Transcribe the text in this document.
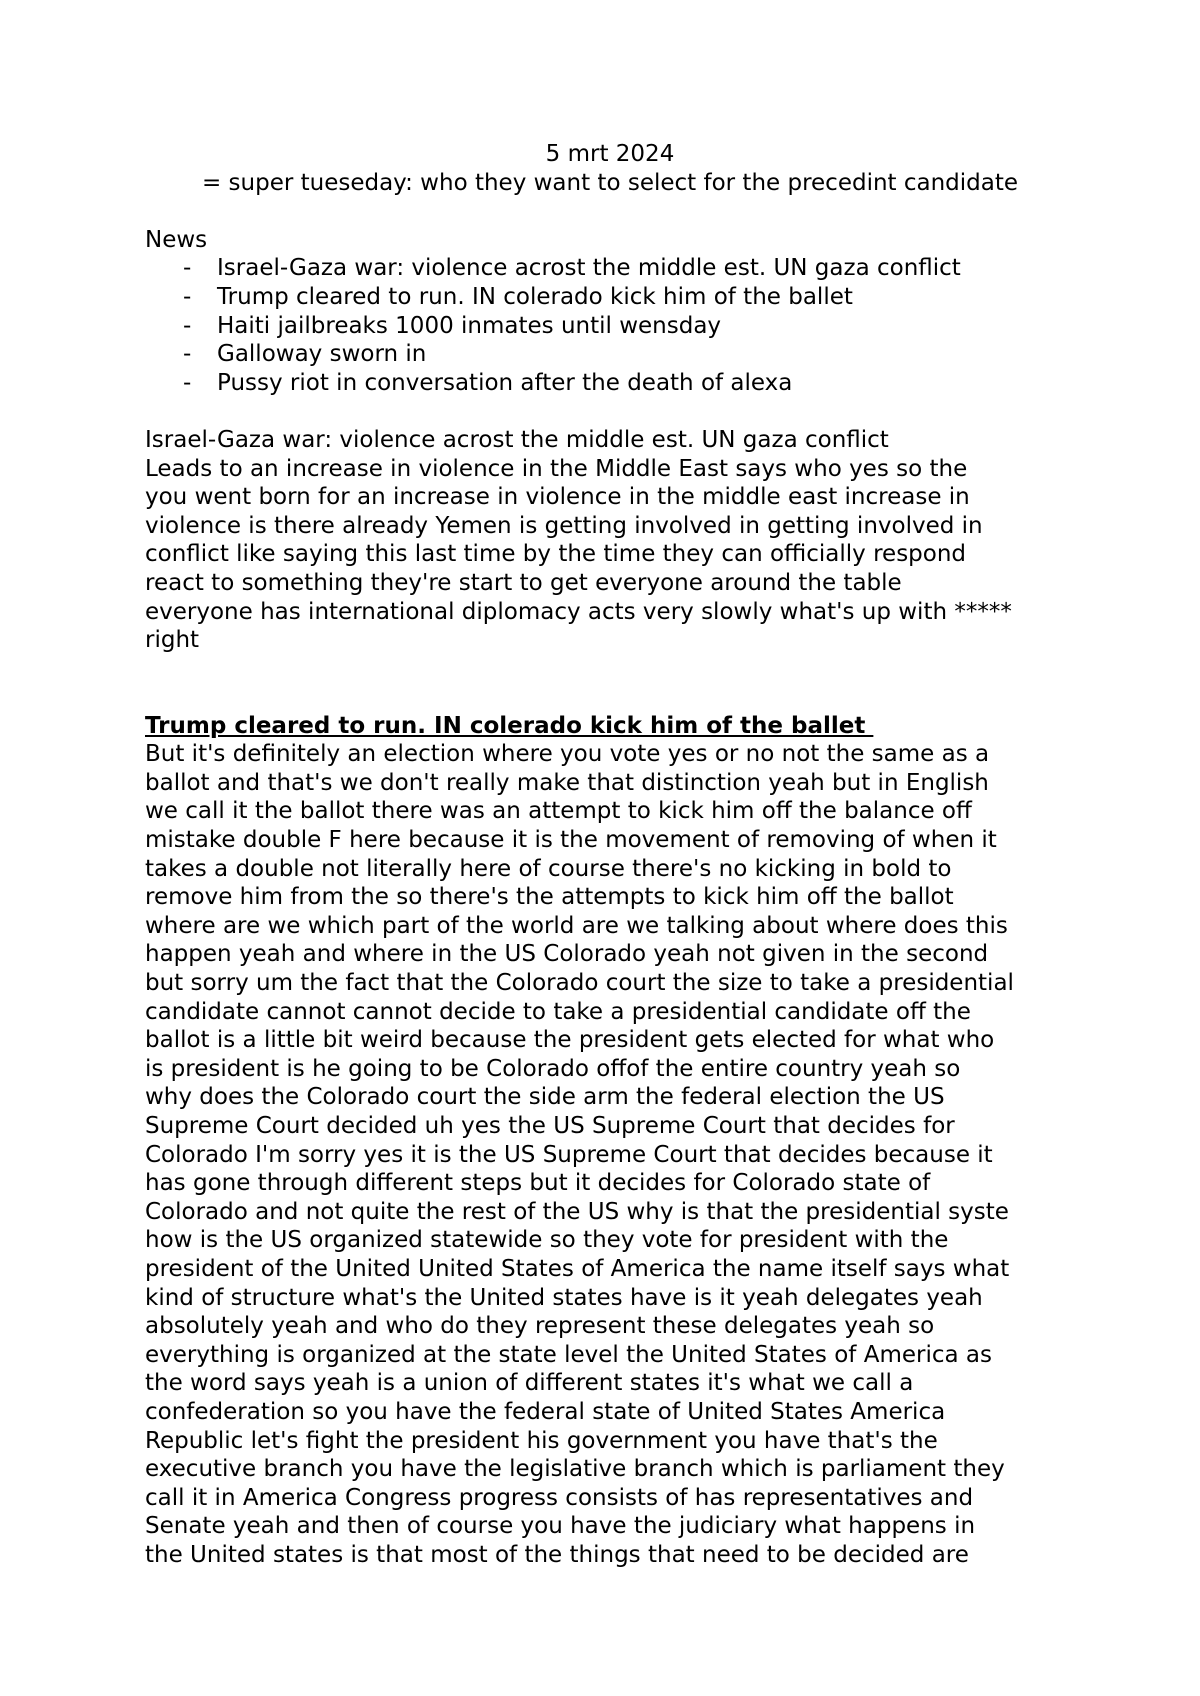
5 mrt 2024
= super tueseday: who they want to select for the precedint candidate
News
- Israel-Gaza war: violence acrost the middle est. UN gaza conflict
- Trump cleared to run. IN colerado kick him of the ballet
- Haiti jailbreaks 1000 inmates until wensday
- Galloway sworn in
- Pussy riot in conversation after the death of alexa
Israel-Gaza war: violence acrost the middle est. UN gaza conflict
Leads to an increase in violence in the Middle East says who yes so the
you went born for an increase in violence in the middle east increase in
violence is there already Yemen is getting involved in getting involved in
conflict like saying this last time by the time they can officially respond
react to something they're start to get everyone around the table
everyone has international diplomacy acts very slowly what's up with *****
right
Trump cleared to run. IN colerado kick him of the ballet
But it's definitely an election where you vote yes or no not the same as a
ballot and that's we don't really make that distinction yeah but in English
we call it the ballot there was an attempt to kick him off the balance off
mistake double F here because it is the movement of removing of when it
takes a double not literally here of course there's no kicking in bold to
remove him from the so there's the attempts to kick him off the ballot
where are we which part of the world are we talking about where does this
happen yeah and where in the US Colorado yeah not given in the second
but sorry um the fact that the Colorado court the size to take a presidential
candidate cannot cannot decide to take a presidential candidate off the
ballot is a little bit weird because the president gets elected for what who
is president is he going to be Colorado offof the entire country yeah so
why does the Colorado court the side arm the federal election the US
Supreme Court decided uh yes the US Supreme Court that decides for
Colorado I'm sorry yes it is the US Supreme Court that decides because it
has gone through different steps but it decides for Colorado state of
Colorado and not quite the rest of the US why is that the presidential syste
how is the US organized statewide so they vote for president with the
president of the United United States of America the name itself says what
kind of structure what's the United states have is it yeah delegates yeah
absolutely yeah and who do they represent these delegates yeah so
everything is organized at the state level the United States of America as
the word says yeah is a union of different states it's what we call a
confederation so you have the federal state of United States America
Republic let's fight the president his government you have that's the
executive branch you have the legislative branch which is parliament they
call it in America Congress progress consists of has representatives and
Senate yeah and then of course you have the judiciary what happens in
the United states is that most of the things that need to be decided are
